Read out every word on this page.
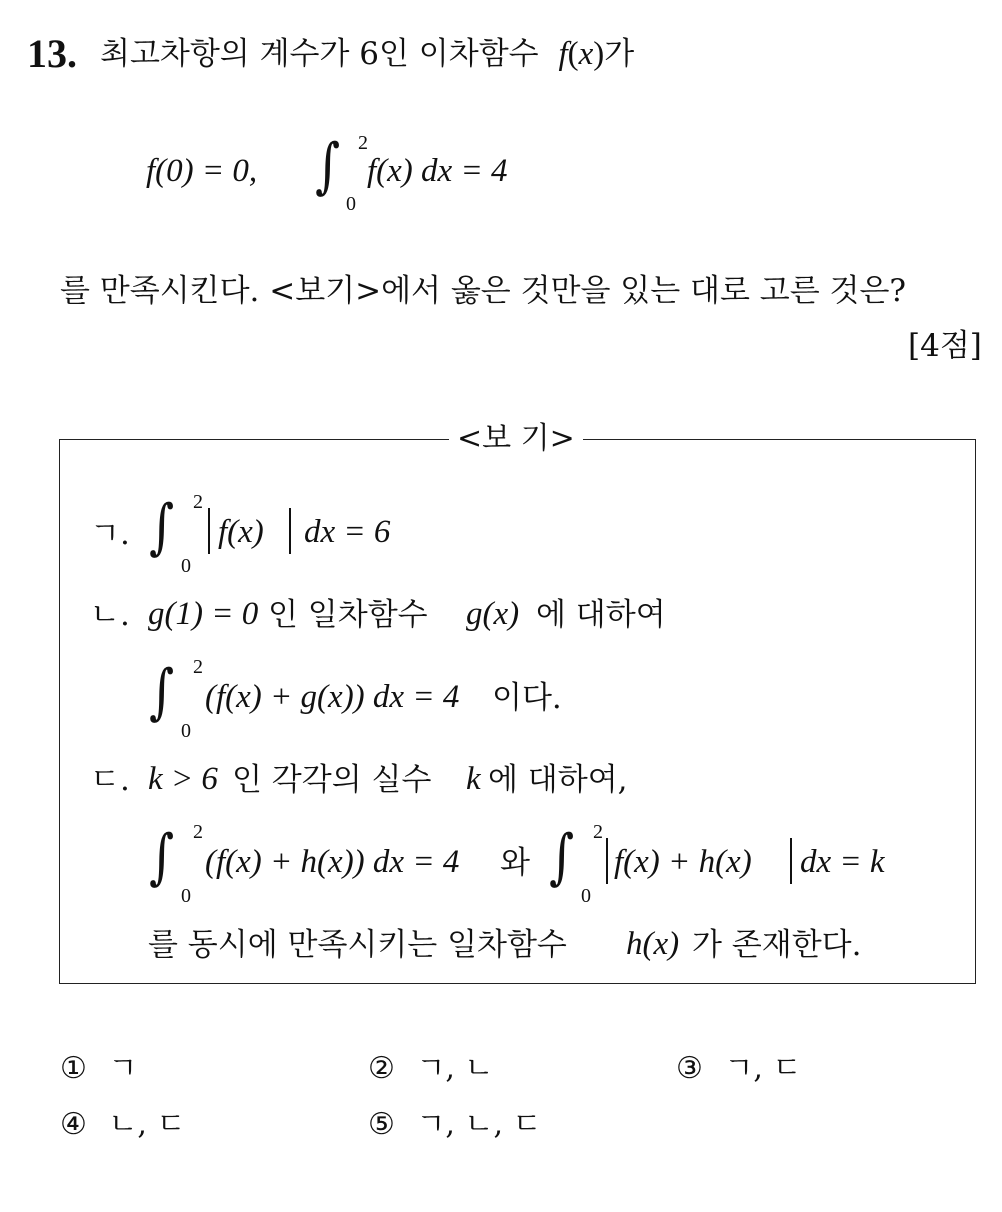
13. 최고차항의 계수가 6인 이차함수 f(x)가
f(0) = 0, ∫ 2
0
f(x) dx = 4
를 만족시킨다. <보기>에서 옳은 것만을 있는 대로 고른 것은?
[4점]
<보 기>
ㄱ. ∫ 2
0
f(x) dx = 6
ㄴ. g(1) = 0 인 일차함수 g(x) 에 대하여
∫ 2
0
(f(x) + g(x)) dx = 4 이다.
ㄷ. k > 6 인 각각의 실수 k 에 대하여,
∫ 2
0
(f(x) + h(x)) dx = 4 와 ∫ 2
0
f(x) + h(x) dx = k
를 동시에 만족시키는 일차함수 h(x) 가 존재한다.
① ㄱ	② ㄱ, ㄴ	③ ㄱ, ㄷ
④ ㄴ, ㄷ	⑤ ㄱ, ㄴ, ㄷ
